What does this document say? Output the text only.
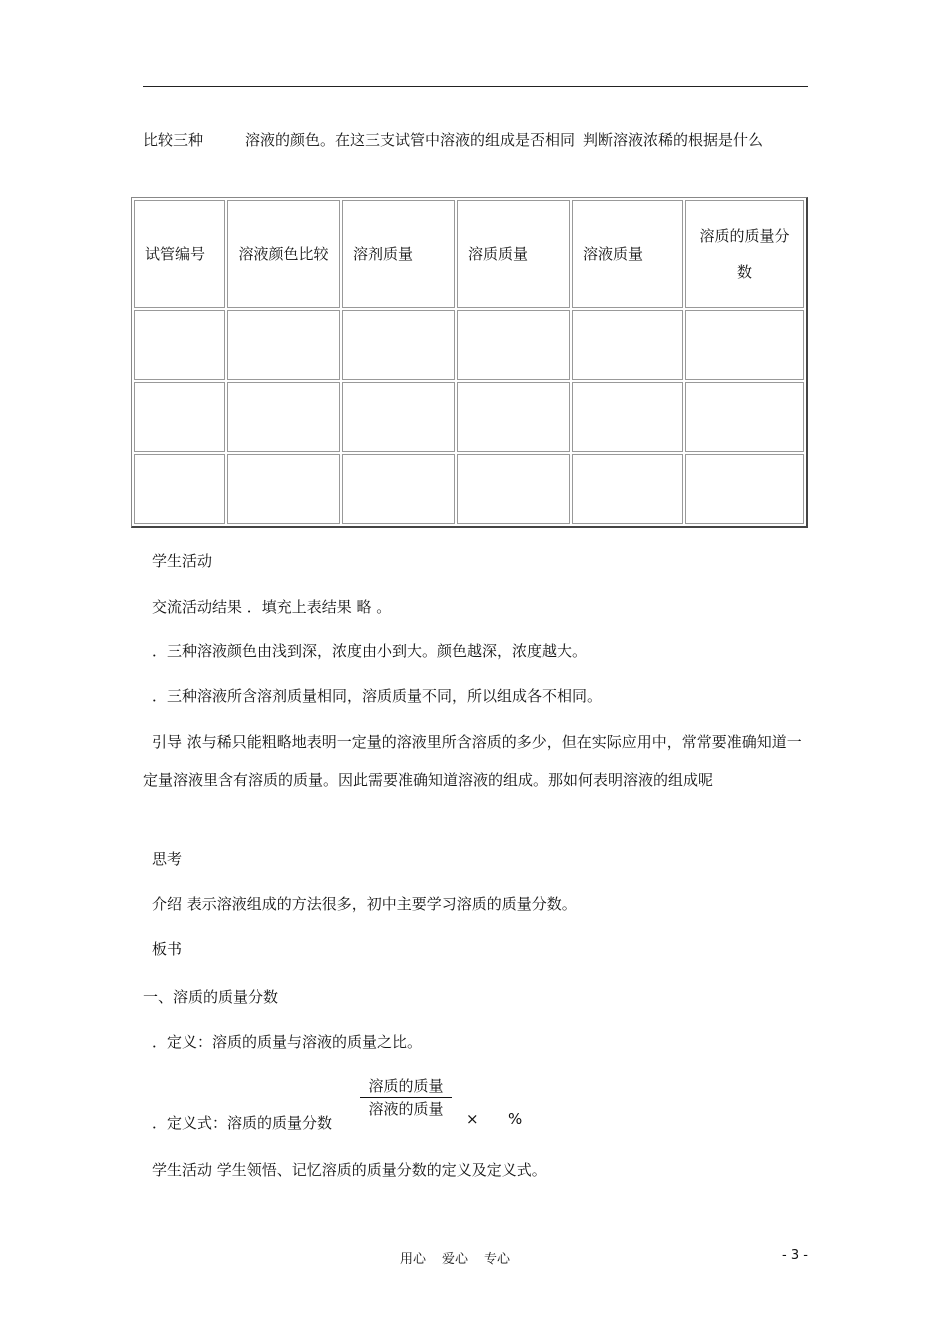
比较三种	溶液的颜色。在这三支试管中溶液的组成是否相同 判断溶液浓稀的根据是什么
试管编号	溶液颜色比较	溶剂质量	溶质质量	溶液质量	溶质的质量分数

学生活动

交流活动结果 ．填充上表结果 略 。

．三种溶液颜色由浅到深，浓度由小到大。颜色越深，浓度越大。

．三种溶液所含溶剂质量相同，溶质质量不同，所以组成各不相同。

引导 浓与稀只能粗略地表明一定量的溶液里所含溶质的多少，但在实际应用中，常常要准确知道一定量溶液里含有溶质的质量。因此需要准确知道溶液的组成。那如何表明溶液的组成呢

思考

介绍 表示溶液组成的方法很多，初中主要学习溶质的质量分数。

板书

一、溶质的质量分数

．定义：溶质的质量与溶液的质量之比。

．定义式：溶质的质量分数

溶质的质量
溶液的质量
× %

学生活动 学生领悟、记忆溶质的质量分数的定义及定义式。

用心 爱心 专心	- 3 -
